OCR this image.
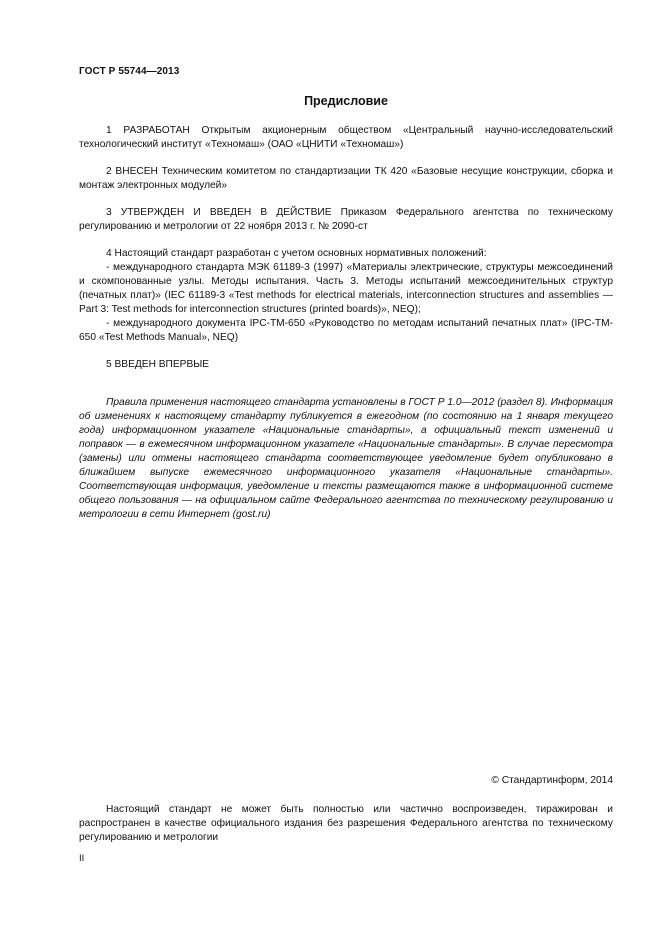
ГОСТ Р 55744—2013
Предисловие
1 РАЗРАБОТАН Открытым акционерным обществом «Центральный научно-исследовательский технологический институт «Техномаш» (ОАО «ЦНИТИ «Техномаш»)
2 ВНЕСЕН Техническим комитетом по стандартизации ТК 420 «Базовые несущие конструкции, сборка и монтаж электронных модулей»
3 УТВЕРЖДЕН И ВВЕДЕН В ДЕЙСТВИЕ Приказом Федерального агентства по техническому регулированию и метрологии от 22 ноября 2013 г. № 2090-ст
4 Настоящий стандарт разработан с учетом основных нормативных положений:
- международного стандарта МЭК 61189-3 (1997) «Материалы электрические, структуры межсоединений и скомпонованные узлы. Методы испытания. Часть 3. Методы испытаний межсоединительных структур (печатных плат)» (IEC 61189-3 «Test methods for electrical materials, interconnection structures and assemblies — Part 3: Test methods for interconnection structures (printed boards)», NEQ);
- международного документа IPC-TM-650 «Руководство по методам испытаний печатных плат» (IPC-TM-650 «Test Methods Manual», NEQ)
5 ВВЕДЕН ВПЕРВЫЕ
Правила применения настоящего стандарта установлены в ГОСТ Р 1.0—2012 (раздел 8). Информация об изменениях к настоящему стандарту публикуется в ежегодном (по состоянию на 1 января текущего года) информационном указателе «Национальные стандарты», а официальный текст изменений и поправок — в ежемесячном информационном указателе «Национальные стандарты». В случае пересмотра (замены) или отмены настоящего стандарта соответствующее уведомление будет опубликовано в ближайшем выпуске ежемесячного информационного указателя «Национальные стандарты». Соответствующая информация, уведомление и тексты размещаются также в информационной системе общего пользования — на официальном сайте Федерального агентства по техническому регулированию и метрологии в сети Интернет (gost.ru)
© Стандартинформ, 2014
Настоящий стандарт не может быть полностью или частично воспроизведен, тиражирован и распространен в качестве официального издания без разрешения Федерального агентства по техническому регулированию и метрологии
II
